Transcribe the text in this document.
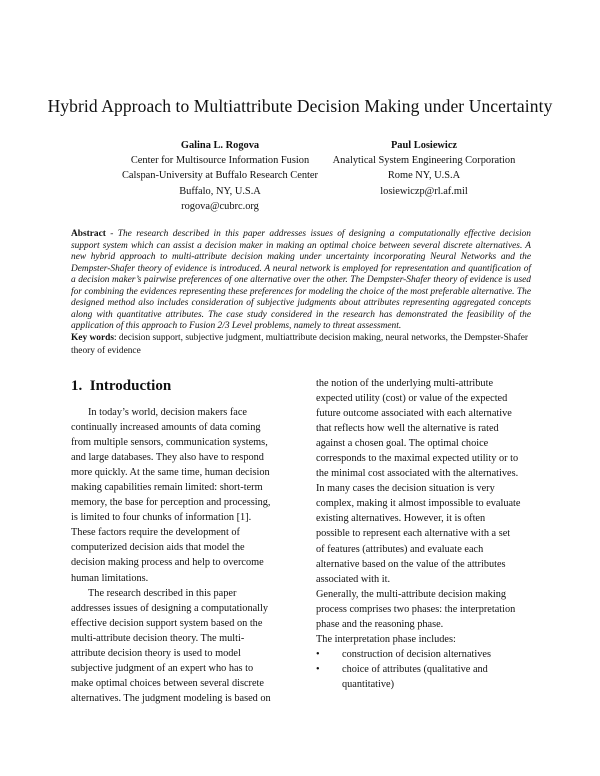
Hybrid Approach to Multiattribute Decision Making under Uncertainty
Galina L. Rogova
Center for Multisource Information Fusion
Calspan-University at Buffalo Research Center
Buffalo, NY, U.S.A
rogova@cubrc.org
Paul Losiewicz
Analytical System Engineering Corporation
Rome NY, U.S.A
losiewiczp@rl.af.mil
Abstract - The research described in this paper addresses issues of designing a computationally effective decision support system which can assist a decision maker in making an optimal choice between several discrete alternatives. A new hybrid approach to multi-attribute decision making under uncertainty incorporating Neural Networks and the Dempster-Shafer theory of evidence is introduced. A neural network is employed for representation and quantification of a decision maker’s pairwise preferences of one alternative over the other. The Dempster-Shafer theory of evidence is used for combining the evidences representing these preferences for modeling the choice of the most preferable alternative. The designed method also includes consideration of subjective judgments about attributes representing aggregated concepts along with quantitative attributes. The case study considered in the research has demonstrated the feasibility of the application of this approach to Fusion 2/3 Level problems, namely to threat assessment.
Key words: decision support, subjective judgment, multiattribute decision making, neural networks, the Dempster-Shafer theory of evidence
1. Introduction
In today’s world, decision makers face
continually increased amounts of data coming
from multiple sensors, communication systems,
and large databases. They also have to respond
more quickly. At the same time, human decision
making capabilities remain limited: short-term
memory, the base for perception and processing,
is limited to four chunks of information [1].
These factors require the development of
computerized decision aids that model the
decision making process and help to overcome
human limitations.
The research described in this paper
addresses issues of designing a computationally
effective decision support system based on the
multi-attribute decision theory. The multi-
attribute decision theory is used to model
subjective judgment of an expert who has to
make optimal choices between several discrete
alternatives. The judgment modeling is based on
the notion of the underlying multi-attribute
expected utility (cost) or value of the expected
future outcome associated with each alternative
that reflects how well the alternative is rated
against a chosen goal. The optimal choice
corresponds to the maximal expected utility or to
the minimal cost associated with the alternatives.
In many cases the decision situation is very
complex, making it almost impossible to evaluate
existing alternatives. However, it is often
possible to represent each alternative with a set
of features (attributes) and evaluate each
alternative based on the value of the attributes
associated with it.
Generally, the multi-attribute decision making
process comprises two phases: the interpretation
phase and the reasoning phase.
The interpretation phase includes:
• construction of decision alternatives
• choice of attributes (qualitative and
quantitative)
